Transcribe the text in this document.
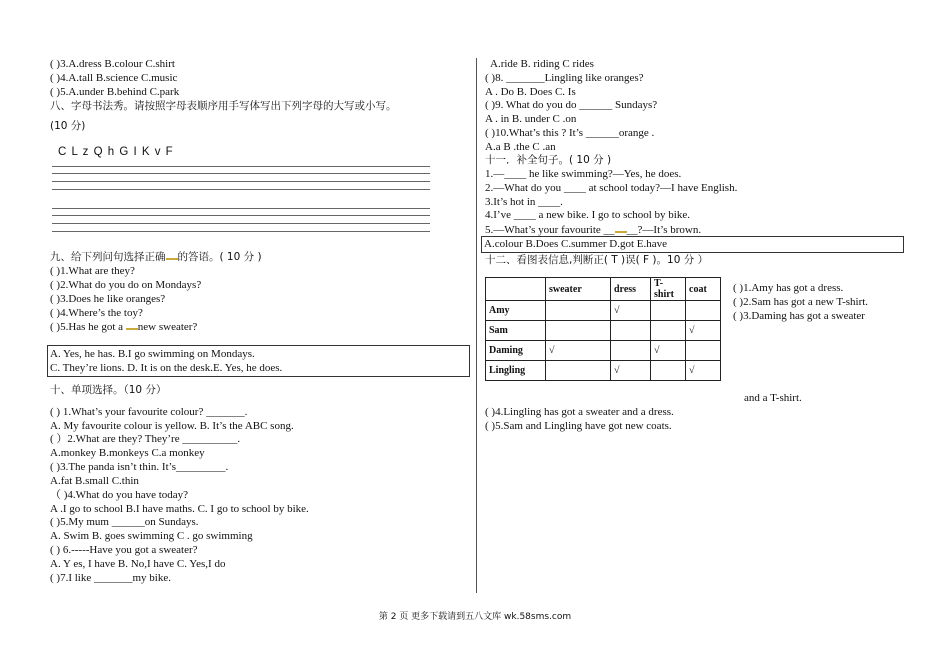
( )3.A.dress B.colour C.shirt
( )4.A.tall B.science C.music
( )5.A.under B.behind C.park
八、字母书法秀。请按照字母表顺序用手写体写出下列字母的大写或小写。
(10 分)
C L z Q h G I K v F
九、给下列问句选择正确 的答语。( 10 分 )
( )1.What are they?
( )2.What do you do on Mondays?
( )3.Does he like oranges?
( )4.Where’s the toy?
( )5.Has he got a new sweater?
A. Yes, he has. B.I go swimming on Mondays.
C. They’re lions. D. It is on the desk.E. Yes, he does.
十、单项选择。（10 分）
( ) 1.What’s your favourite colour? _______.
A. My favourite colour is yellow. B. It’s the ABC song.
( ）2.What are they? They’re __________.
A.monkey B.monkeys C.a monkey
( )3.The panda isn’t thin. It’s_________.
A.fat B.small C.thin
（ )4.What do you have today?
A .I go to school B.I have maths. C. I go to school by bike.
( )5.My mum ______on Sundays.
A. Swim B. goes swimming C . go swimming
( ) 6.-----Have you got a sweater?
A. Y es, I have B. No,I have C. Yes,I do
( )7.I like _______my bike.
A.ride B. riding C rides
( )8. _______Lingling like oranges?
A . Do B. Does C. Is
( )9. What do you do ______ Sundays?
A . in B. under C .on
( )10.What’s this ? It’s ______orange .
A.a B .the C .an
十一．补全句子。( 10 分 )
1.—____ he like swimming?—Yes, he does.
2.—What do you ____ at school today?—I have English.
3.It’s hot in ____.
4.I’ve ____ a new bike. I go to school by bike.
5.—What’s your favourite __ __?—It’s brown.
A.colour B.Does C.summer D.got E.have
十二、看图表信息,判断正( T )误( F )。10 分 ）
	sweater	dress	T-shirt	coat
Amy		√		
Sam				√
Daming	√		√	
Lingling		√		√
( )1.Amy has got a dress.
( )2.Sam has got a new T-shirt.
( )3.Daming has got a sweater
and a T-shirt.
( )4.Lingling has got a sweater and a dress.
( )5.Sam and Lingling have got new coats.
第 2 页 更多下载请到五八文库 wk.58sms.com
